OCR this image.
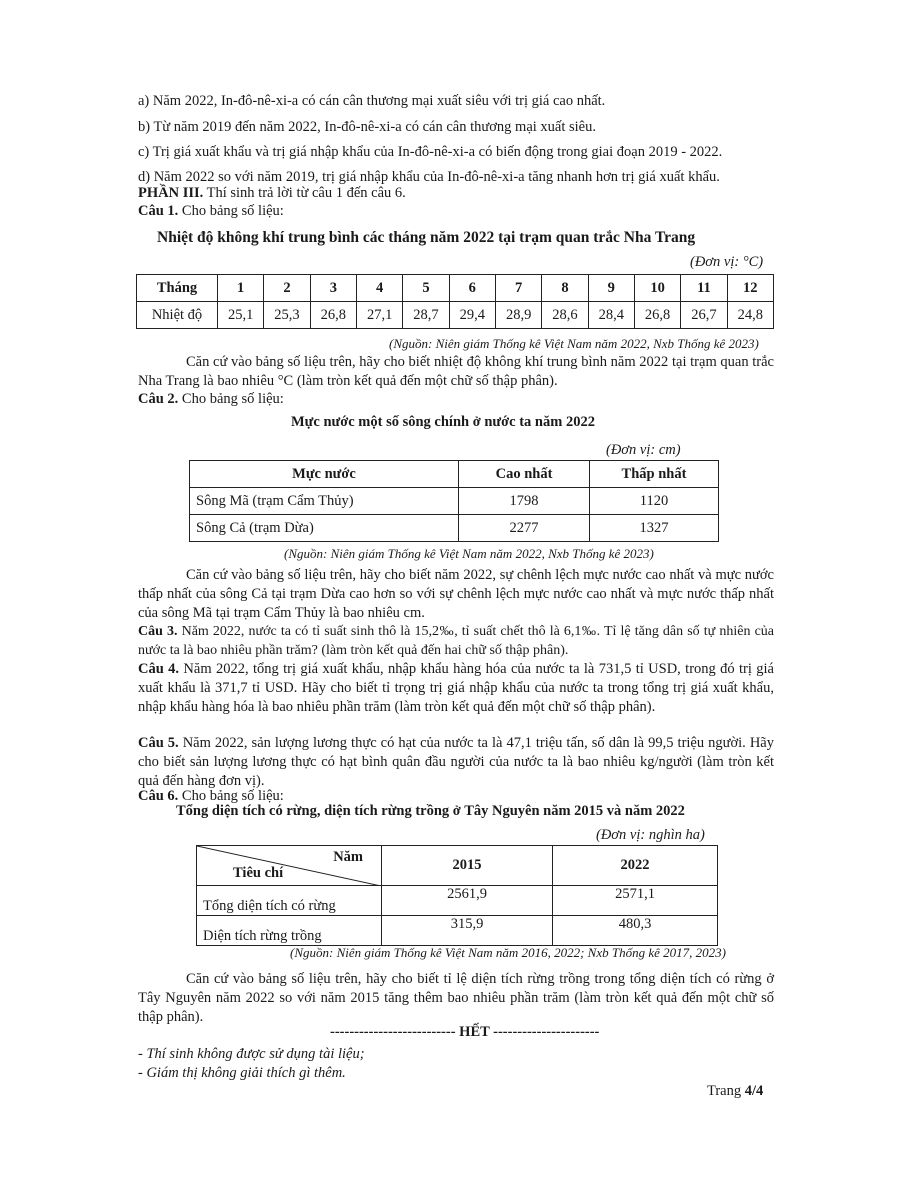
a) Năm 2022, In-đô-nê-xi-a có cán cân thương mại xuất siêu với trị giá cao nhất.
b) Từ năm 2019 đến năm 2022, In-đô-nê-xi-a có cán cân thương mại xuất siêu.
c) Trị giá xuất khẩu và trị giá nhập khẩu của In-đô-nê-xi-a có biến động trong giai đoạn 2019 - 2022.
d) Năm 2022 so với năm 2019, trị giá nhập khẩu của In-đô-nê-xi-a tăng nhanh hơn trị giá xuất khẩu.
PHẦN III. Thí sinh trả lời từ câu 1 đến câu 6.
Câu 1. Cho bảng số liệu:
Nhiệt độ không khí trung bình các tháng năm 2022 tại trạm quan trắc Nha Trang
(Đơn vị: °C)
Tháng	1	2	3	4	5	6	7	8	9	10	11	12
Nhiệt độ	25,1	25,3	26,8	27,1	28,7	29,4	28,9	28,6	28,4	26,8	26,7	24,8
(Nguồn: Niên giám Thống kê Việt Nam năm 2022, Nxb Thống kê 2023)
Căn cứ vào bảng số liệu trên, hãy cho biết nhiệt độ không khí trung bình năm 2022 tại trạm quan trắc Nha Trang là bao nhiêu °C (làm tròn kết quả đến một chữ số thập phân).
Câu 2. Cho bảng số liệu:
Mực nước một số sông chính ở nước ta năm 2022
(Đơn vị: cm)
Mực nước	Cao nhất	Thấp nhất
Sông Mã (trạm Cẩm Thủy)	1798	1120
Sông Cả (trạm Dừa)	2277	1327
(Nguồn: Niên giám Thống kê Việt Nam năm 2022, Nxb Thống kê 2023)
Căn cứ vào bảng số liệu trên, hãy cho biết năm 2022, sự chênh lệch mực nước cao nhất và mực nước thấp nhất của sông Cả tại trạm Dừa cao hơn so với sự chênh lệch mực nước cao nhất và mực nước thấp nhất của sông Mã tại trạm Cẩm Thủy là bao nhiêu cm.
Câu 3. Năm 2022, nước ta có tỉ suất sinh thô là 15,2‰, tỉ suất chết thô là 6,1‰. Tỉ lệ tăng dân số tự nhiên của nước ta là bao nhiêu phần trăm? (làm tròn kết quả đến hai chữ số thập phân).
Câu 4. Năm 2022, tổng trị giá xuất khẩu, nhập khẩu hàng hóa của nước ta là 731,5 tỉ USD, trong đó trị giá xuất khẩu là 371,7 tỉ USD. Hãy cho biết tỉ trọng trị giá nhập khẩu của nước ta trong tổng trị giá xuất khẩu, nhập khẩu hàng hóa là bao nhiêu phần trăm (làm tròn kết quả đến một chữ số thập phân).
Câu 5. Năm 2022, sản lượng lương thực có hạt của nước ta là 47,1 triệu tấn, số dân là 99,5 triệu người. Hãy cho biết sản lượng lương thực có hạt bình quân đầu người của nước ta là bao nhiêu kg/người (làm tròn kết quả đến hàng đơn vị).
Câu 6. Cho bảng số liệu:
Tổng diện tích có rừng, diện tích rừng trồng ở Tây Nguyên năm 2015 và năm 2022
(Đơn vị: nghìn ha)
Năm
Tiêu chí	2015	2022
Tổng diện tích có rừng	2561,9	2571,1
Diện tích rừng trồng	315,9	480,3
(Nguồn: Niên giám Thống kê Việt Nam năm 2016, 2022; Nxb Thống kê 2017, 2023)
Căn cứ vào bảng số liệu trên, hãy cho biết tỉ lệ diện tích rừng trồng trong tổng diện tích có rừng ở Tây Nguyên năm 2022 so với năm 2015 tăng thêm bao nhiêu phần trăm (làm tròn kết quả đến một chữ số thập phân).
-------------------------- HẾT ----------------------
- Thí sinh không được sử dụng tài liệu;
- Giám thị không giải thích gì thêm.
Trang 4/4
